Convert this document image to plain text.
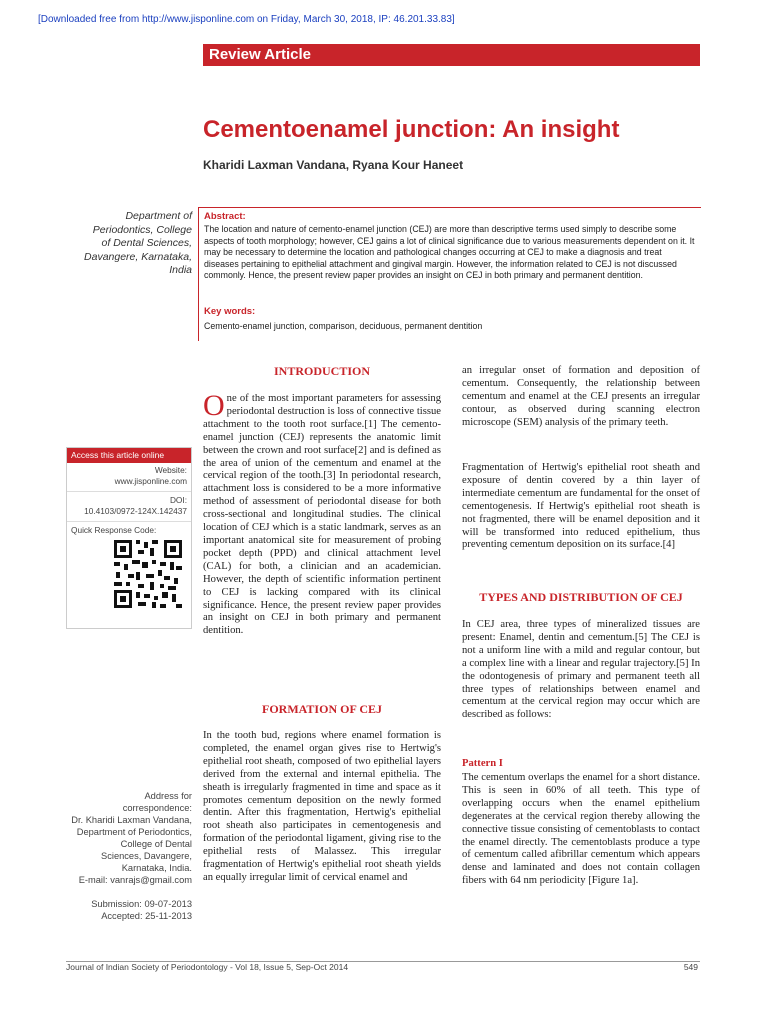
[Downloaded free from http://www.jisponline.com on Friday, March 30, 2018, IP: 46.201.33.83]
Review Article
Cementoenamel junction: An insight
Kharidi Laxman Vandana, Ryana Kour Haneet
Department of
Periodontics, College
of Dental Sciences,
Davangere, Karnataka,
India
Abstract:
The location and nature of cemento-enamel junction (CEJ) are more than descriptive terms used simply to describe some aspects of tooth morphology; however, CEJ gains a lot of clinical significance due to various measurements dependent on it. It may be necessary to determine the location and pathological changes occurring at CEJ to make a diagnosis and treat diseases pertaining to epithelial attachment and gingival margin. However, the information related to CEJ is not discussed commonly. Hence, the present review paper provides an insight on CEJ in both primary and permanent dentition.
Key words:
Cemento-enamel junction, comparison, deciduous, permanent dentition
Access this article online
Website:
www.jisponline.com
DOI:
10.4103/0972-124X.142437
Quick Response Code:
Address for
correspondence:
Dr. Kharidi Laxman Vandana,
Department of Periodontics,
College of Dental
Sciences, Davangere,
Karnataka, India.
E-mail: vanrajs@gmail.com
Submission: 09-07-2013
Accepted: 25-11-2013
INTRODUCTION
One of the most important parameters for assessing periodontal destruction is loss of connective tissue attachment to the tooth root surface.[1] The cemento-enamel junction (CEJ) represents the anatomic limit between the crown and root surface[2] and is defined as the area of union of the cementum and enamel at the cervical region of the tooth.[3] In periodontal research, attachment loss is considered to be a more informative method of assessment of periodontal disease for both cross-sectional and longitudinal studies. The clinical location of CEJ which is a static landmark, serves as an important anatomical site for measurement of probing pocket depth (PPD) and clinical attachment level (CAL) for both, a clinician and an academician. However, the depth of scientific information pertinent to CEJ is lacking compared with its clinical significance. Hence, the present review paper provides an insight on CEJ in both primary and permanent dentition.
FORMATION OF CEJ
In the tooth bud, regions where enamel formation is completed, the enamel organ gives rise to Hertwig's epithelial root sheath, composed of two epithelial layers derived from the external and internal epithelia. The sheath is irregularly fragmented in time and space as it promotes cementum deposition on the newly formed dentin. After this fragmentation, Hertwig's epithelial root sheath also participates in cementogenesis and formation of the periodontal ligament, giving rise to the epithelial rests of Malassez. This irregular fragmentation of Hertwig's epithelial root sheath yields an equally irregular limit of cervical enamel and
an irregular onset of formation and deposition of cementum. Consequently, the relationship between cementum and enamel at the CEJ presents an irregular contour, as observed during scanning electron microscope (SEM) analysis of the primary teeth.
Fragmentation of Hertwig's epithelial root sheath and exposure of dentin covered by a thin layer of intermediate cementum are fundamental for the onset of cementogenesis. If Hertwig's epithelial root sheath is not fragmented, there will be enamel deposition and it will be transformed into reduced epithelium, thus preventing cementum deposition on its surface.[4]
TYPES AND DISTRIBUTION OF CEJ
In CEJ area, three types of mineralized tissues are present: Enamel, dentin and cementum.[5] The CEJ is not a uniform line with a mild and regular contour, but a complex line with a linear and regular trajectory.[5] In the odontogenesis of primary and permanent teeth all three types of relationships between enamel and cementum at the cervical region may occur which are described as follows:
Pattern I
The cementum overlaps the enamel for a short distance. This is seen in 60% of all teeth. This type of overlapping occurs when the enamel epithelium degenerates at the cervical region thereby allowing the connective tissue consisting of cementoblasts to contact the enamel directly. The cementoblasts produce a type of cementum called afibrillar cementum which appears dense and laminated and does not contain collagen fibers with 64 nm periodicity [Figure 1a].
Journal of Indian Society of Periodontology - Vol 18, Issue 5, Sep-Oct 2014	549
